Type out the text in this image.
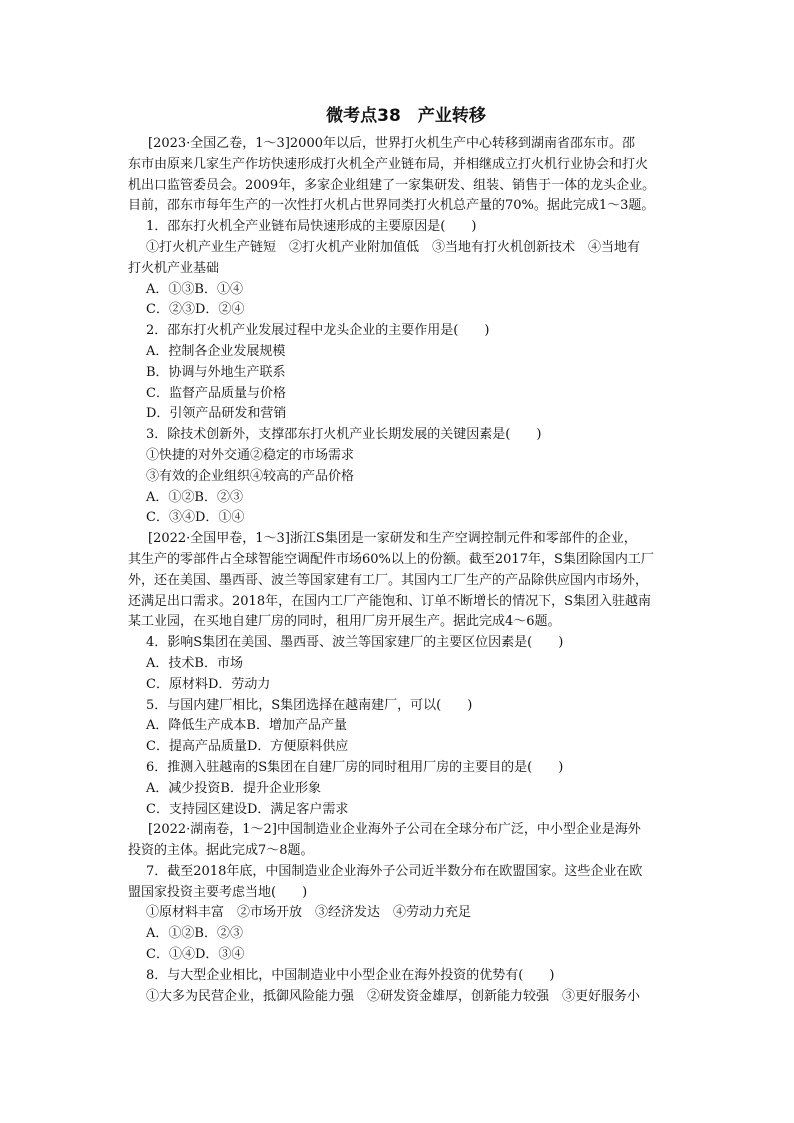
微考点38　产业转移
[2023·全国乙卷，1～3]2000年以后，世界打火机生产中心转移到湖南省邵东市。邵
东市由原来几家生产作坊快速形成打火机全产业链布局，并相继成立打火机行业协会和打火
机出口监管委员会。2009年，多家企业组建了一家集研发、组装、销售于一体的龙头企业。
目前，邵东市每年生产的一次性打火机占世界同类打火机总产量的70%。据此完成1～3题。
1．邵东打火机全产业链布局快速形成的主要原因是(　　)
①打火机产业生产链短　②打火机产业附加值低　③当地有打火机创新技术　④当地有
打火机产业基础
A．①③B．①④
C．②③D．②④
2．邵东打火机产业发展过程中龙头企业的主要作用是(　　)
A．控制各企业发展规模
B．协调与外地生产联系
C．监督产品质量与价格
D．引领产品研发和营销
3．除技术创新外，支撑邵东打火机产业长期发展的关键因素是(　　)
①快捷的对外交通②稳定的市场需求
③有效的企业组织④较高的产品价格
A．①②B．②③
C．③④D．①④
[2022·全国甲卷，1～3]浙江S集团是一家研发和生产空调控制元件和零部件的企业，
其生产的零部件占全球智能空调配件市场60%以上的份额。截至2017年，S集团除国内工厂
外，还在美国、墨西哥、波兰等国家建有工厂。其国内工厂生产的产品除供应国内市场外，
还满足出口需求。2018年，在国内工厂产能饱和、订单不断增长的情况下，S集团入驻越南
某工业园，在买地自建厂房的同时，租用厂房开展生产。据此完成4～6题。
4．影响S集团在美国、墨西哥、波兰等国家建厂的主要区位因素是(　　)
A．技术B．市场
C．原材料D．劳动力
5．与国内建厂相比，S集团选择在越南建厂，可以(　　)
A．降低生产成本B．增加产品产量
C．提高产品质量D．方便原料供应
6．推测入驻越南的S集团在自建厂房的同时租用厂房的主要目的是(　　)
A．减少投资B．提升企业形象
C．支持园区建设D．满足客户需求
[2022·湖南卷，1～2]中国制造业企业海外子公司在全球分布广泛，中小型企业是海外
投资的主体。据此完成7～8题。
7．截至2018年底，中国制造业企业海外子公司近半数分布在欧盟国家。这些企业在欧
盟国家投资主要考虑当地(　　)
①原材料丰富　②市场开放　③经济发达　④劳动力充足
A．①②B．②③
C．①④D．③④
8．与大型企业相比，中国制造业中小型企业在海外投资的优势有(　　)
①大多为民营企业，抵御风险能力强　②研发资金雄厚，创新能力较强　③更好服务小
